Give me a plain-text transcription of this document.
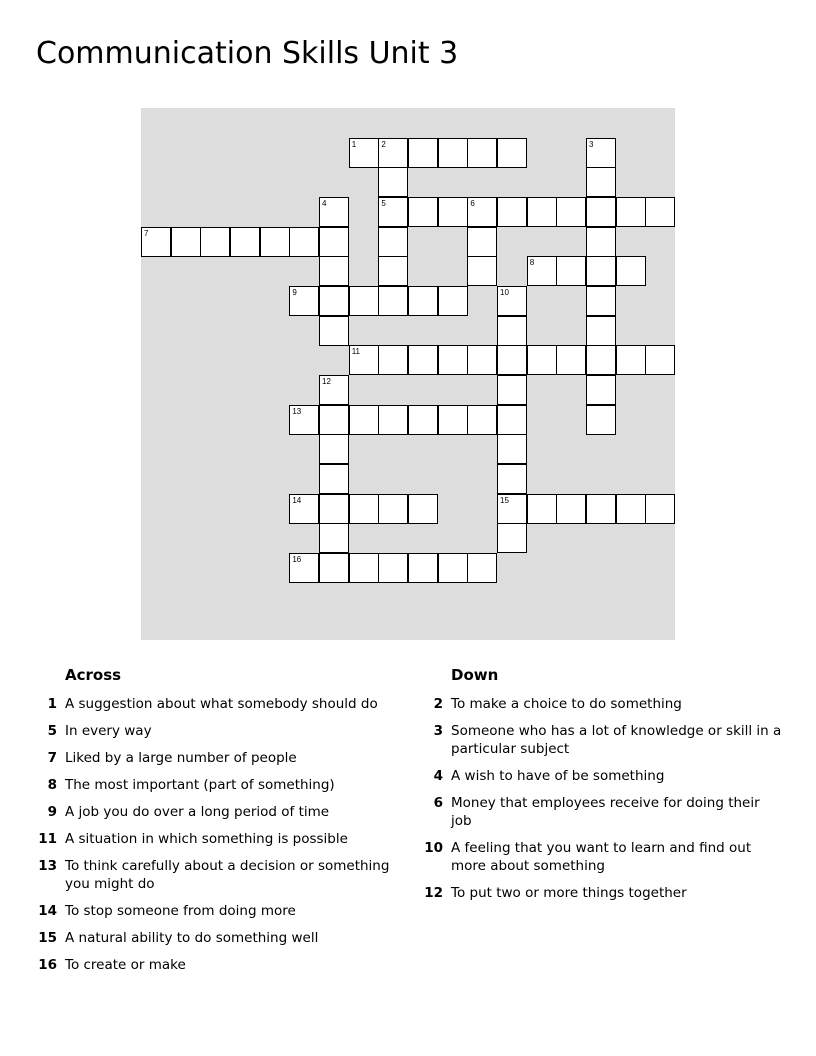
Communication Skills Unit 3
1	2
5	6
7
8
9
11
13
14	15
16
3
4
10
12
Across
1 A suggestion about what somebody should do
5 In every way
7 Liked by a large number of people
8 The most important (part of something)
9 A job you do over a long period of time
11 A situation in which something is possible
13 To think carefully about a decision or something you might do
14 To stop someone from doing more
15 A natural ability to do something well
16 To create or make
Down
2 To make a choice to do something
3 Someone who has a lot of knowledge or skill in a particular subject
4 A wish to have of be something
6 Money that employees receive for doing their job
10 A feeling that you want to learn and find out more about something
12 To put two or more things together
